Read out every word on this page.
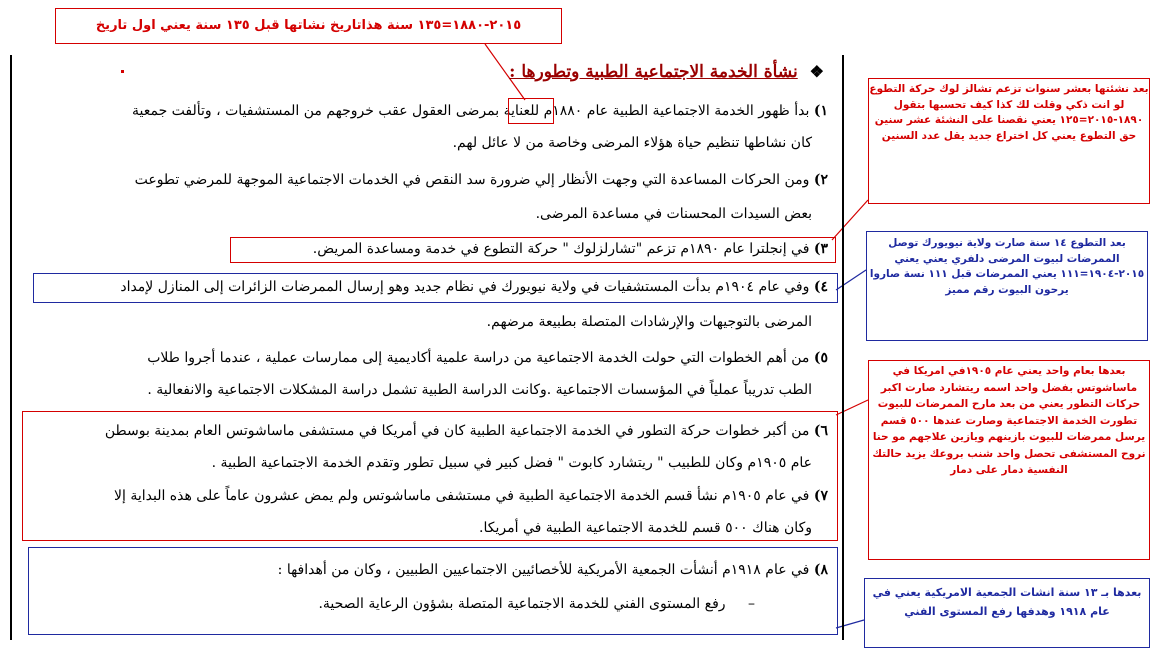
٢٠١٥-١٨٨٠=١٣٥ سنة هذاتاريخ نشاتها قبل ١٣٥ سنة يعني اول تاريخ
❖ نشأة الخدمة الاجتماعية الطبية وتطورها :
١) بدأ ظهور الخدمة الاجتماعية الطبية عام ١٨٨٠م للعناية بمرضى العقول عقب خروجهم من المستشفيات ، وتألفت جمعية
كان نشاطها تنظيم حياة هؤلاء المرضى وخاصة من لا عائل لهم.
٢) ومن الحركات المساعدة التي وجهت الأنظار إلي ضرورة سد النقص في الخدمات الاجتماعية الموجهة للمرضي تطوعت
بعض السيدات المحسنات في مساعدة المرضى.
٣) في إنجلترا عام ١٨٩٠م تزعم "تشارلزلوك " حركة التطوع في خدمة ومساعدة المريض.
٤) وفي عام ١٩٠٤م بدأت المستشفيات في ولاية نيويورك في نظام جديد وهو إرسال الممرضات الزائرات إلى المنازل لإمداد
المرضى بالتوجيهات والإرشادات المتصلة بطبيعة مرضهم.
٥) من أهم الخطوات التي حولت الخدمة الاجتماعية من دراسة علمية أكاديمية إلى ممارسات عملية ، عندما أجروا طلاب
الطب تدريباً عملياً في المؤسسات الاجتماعية .وكانت الدراسة الطبية تشمل دراسة المشكلات الاجتماعية والانفعالية .
٦) من أكبر خطوات حركة التطور في الخدمة الاجتماعية الطبية كان في أمريكا في مستشفى ماساشوتس العام بمدينة بوسطن
عام ١٩٠٥م وكان للطبيب " ريتشارد كابوت " فضل كبير في سبيل تطور وتقدم الخدمة الاجتماعية الطبية .
٧) في عام ١٩٠٥م نشأ قسم الخدمة الاجتماعية الطبية في مستشفى ماساشوتس ولم يمض عشرون عاماً على هذه البداية إلا
وكان هناك ٥٠٠ قسم للخدمة الاجتماعية الطبية في أمريكا.
٨) في عام ١٩١٨م أنشأت الجمعية الأمريكية للأخصائيين الاجتماعيين الطبيين ، وكان من أهدافها :
– رفع المستوى الفني للخدمة الاجتماعية المتصلة بشؤون الرعاية الصحية.
بعد نشئتها بعشر سنوات تزعم تشالز لوك حركة التطوع لو انت ذكي وقلت لك كذا كيف تحسبها بتقول ١٨٩٠-٢٠١٥=١٢٥ يعني نقصنا على النشئة عشر سنين حق التطوع يعني كل اختراع جديد يقل عدد السنين
بعد التطوع ١٤ سنة صارت ولاية نيويورك توصل الممرضات لبيوت المرضى دلفري يعني يعني ٢٠١٥-١٩٠٤=١١١ يعني الممرضات قبل ١١١ نسة صاروا يرحون البيوت رقم مميز
بعدها بعام واحد يعني عام ١٩٠٥في امريكا في ماساشوتس بفضل واحد اسمه ريتشارد صارت اكبر حركات التطور يعني من بعد مارح الممرضات للبيوت تطورت الخدمة الاجتماعية وصارت عندها ٥٠٠ قسم يرسل ممرضات للبيوت بازينهم ويازين علاجهم مو حنا نروح المستشفى تحصل واحد شنب بروعك يزيد حالتك النفسية دمار على دمار
بعدها بـ ١٣ سنة انشات الجمعية الامريكية يعني في عام ١٩١٨ وهدفها رفع المستوى الفني
